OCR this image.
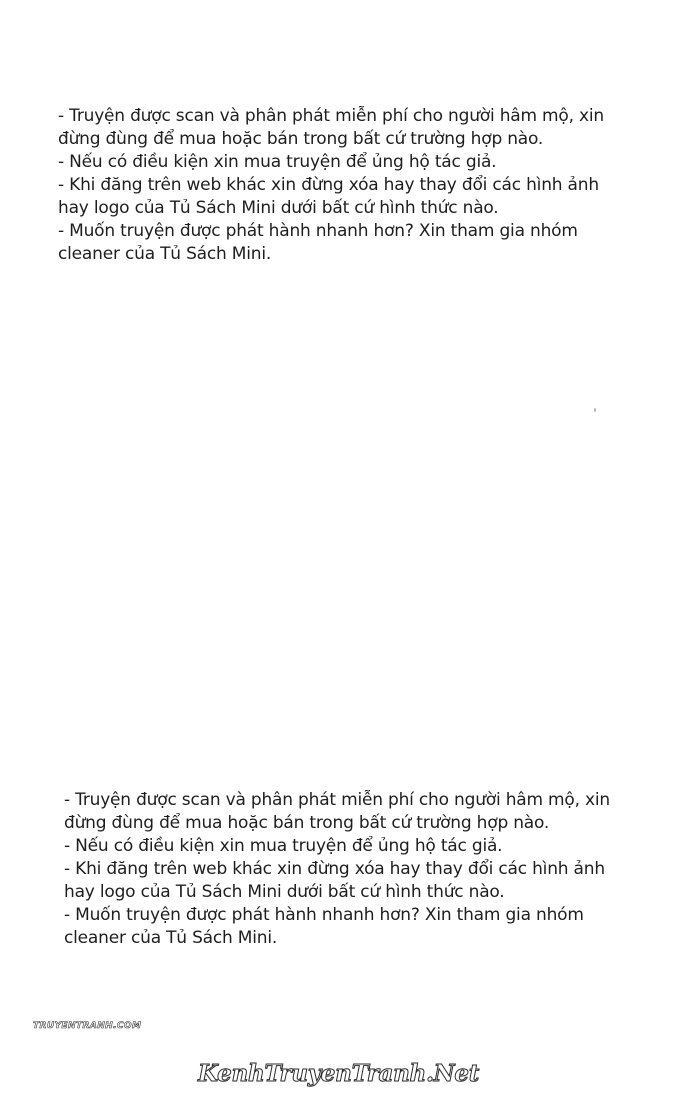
- Truyện được scan và phân phát miễn phí cho người hâm mộ, xin
đừng đùng để mua hoặc bán trong bất cứ trường hợp nào.
- Nếu có điều kiện xin mua truyện để ủng hộ tác giả.
- Khi đăng trên web khác xin đừng xóa hay thay đổi các hình ảnh
hay logo của Tủ Sách Mini dưới bất cứ hình thức nào.
- Muốn truyện được phát hành nhanh hơn? Xin tham gia nhóm
cleaner của Tủ Sách Mini.
- Truyện được scan và phân phát miễn phí cho người hâm mộ, xin
đừng đùng để mua hoặc bán trong bất cứ trường hợp nào.
- Nếu có điều kiện xin mua truyện để ủng hộ tác giả.
- Khi đăng trên web khác xin đừng xóa hay thay đổi các hình ảnh
hay logo của Tủ Sách Mini dưới bất cứ hình thức nào.
- Muốn truyện được phát hành nhanh hơn? Xin tham gia nhóm
cleaner của Tủ Sách Mini.
TRUYENTRANH.COM
KenhTruyenTranh.Net
